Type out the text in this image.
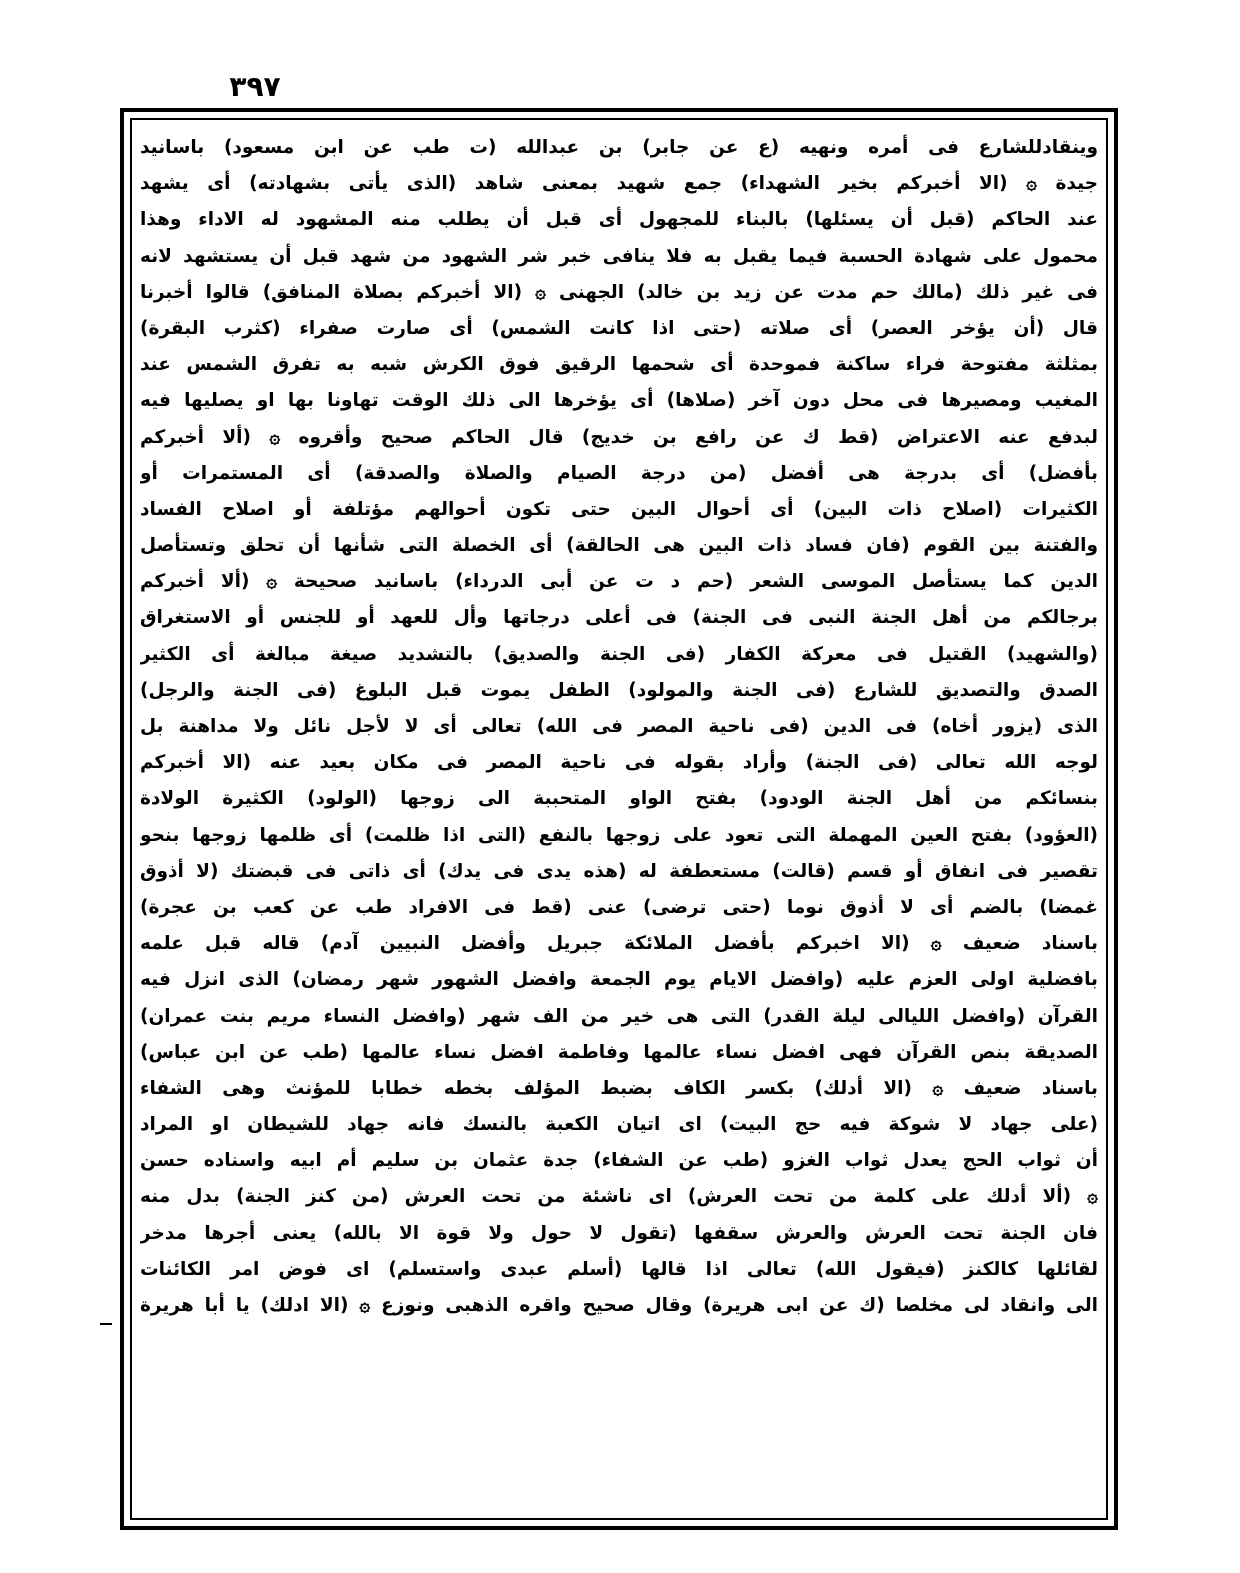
٣٩٧
وينقادللشارع فى أمره ونهيه (ع عن جابر) بن عبدالله (ت طب عن ابن مسعود) باسانيد
جيدة ۞ (الا أخبركم بخير الشهداء) جمع شهيد بمعنى شاهد (الذى يأتى بشهادته) أى يشهد
عند الحاكم (قبل أن يسئلها) بالبناء للمجهول أى قبل أن يطلب منه المشهود له الاداء وهذا
محمول على شهادة الحسبة فيما يقبل به فلا ينافى خبر شر الشهود من شهد قبل أن يستشهد لانه
فى غير ذلك (مالك حم مدت عن زيد بن خالد) الجهنى ۞ (الا أخبركم بصلاة المنافق) قالوا أخبرنا
قال (أن يؤخر العصر) أى صلاته (حتى اذا كانت الشمس) أى صارت صفراء (كثرب البقرة)
بمثلثة مفتوحة فراء ساكنة فموحدة أى شحمها الرقيق فوق الكرش شبه به تفرق الشمس عند
المغيب ومصيرها فى محل دون آخر (صلاها) أى يؤخرها الى ذلك الوقت تهاونا بها او يصليها فيه
لبدفع عنه الاعتراض (قط ك عن رافع بن خديج) قال الحاكم صحيح وأقروه ۞ (ألا أخبركم
بأفضل) أى بدرجة هى أفضل (من درجة الصيام والصلاة والصدقة) أى المستمرات أو
الكثيرات (اصلاح ذات البين) أى أحوال البين حتى تكون أحوالهم مؤتلفة أو اصلاح الفساد
والفتنة بين القوم (فان فساد ذات البين هى الحالقة) أى الخصلة التى شأنها أن تحلق وتستأصل
الدين كما يستأصل الموسى الشعر (حم د ت عن أبى الدرداء) باسانيد صحيحة ۞ (ألا أخبركم
برجالكم من أهل الجنة النبى فى الجنة) فى أعلى درجاتها وأل للعهد أو للجنس أو الاستغراق
(والشهيد) القتيل فى معركة الكفار (فى الجنة والصديق) بالتشديد صيغة مبالغة أى الكثير
الصدق والتصديق للشارع (فى الجنة والمولود) الطفل يموت قبل البلوغ (فى الجنة والرجل)
الذى (يزور أخاه) فى الدين (فى ناحية المصر فى الله) تعالى أى لا لأجل نائل ولا مداهنة بل
لوجه الله تعالى (فى الجنة) وأراد بقوله فى ناحية المصر فى مكان بعيد عنه (الا أخبركم
بنسائكم من أهل الجنة الودود) بفتح الواو المتحببة الى زوجها (الولود) الكثيرة الولادة
(العؤود) بفتح العين المهملة التى تعود على زوجها بالنفع (التى اذا ظلمت) أى ظلمها زوجها بنحو
تقصير فى انفاق أو قسم (قالت) مستعطفة له (هذه يدى فى يدك) أى ذاتى فى قبضتك (لا أذوق
غمضا) بالضم أى لا أذوق نوما (حتى ترضى) عنى (قط فى الافراد طب عن كعب بن عجرة)
باسناد ضعيف ۞ (الا اخبركم بأفضل الملائكة جبريل وأفضل النبيين آدم) قاله قبل علمه
بافضلية اولى العزم عليه (وافضل الايام يوم الجمعة وافضل الشهور شهر رمضان) الذى انزل فيه
القرآن (وافضل الليالى ليلة القدر) التى هى خير من الف شهر (وافضل النساء مريم بنت عمران)
الصديقة بنص القرآن فهى افضل نساء عالمها وفاطمة افضل نساء عالمها (طب عن ابن عباس)
باسناد ضعيف ۞ (الا أدلك) بكسر الكاف بضبط المؤلف بخطه خطابا للمؤنث وهى الشفاء
(على جهاد لا شوكة فيه حج البيت) اى اتيان الكعبة بالنسك فانه جهاد للشيطان او المراد
أن ثواب الحج يعدل ثواب الغزو (طب عن الشفاء) جدة عثمان بن سليم أم ابيه واسناده حسن
۞ (ألا أدلك على كلمة من تحت العرش) اى ناشئة من تحت العرش (من كنز الجنة) بدل منه
فان الجنة تحت العرش والعرش سقفها (تقول لا حول ولا قوة الا بالله) يعنى أجرها مدخر
لقائلها كالكنز (فيقول الله) تعالى اذا قالها (أسلم عبدى واستسلم) اى فوض امر الكائنات
الى وانقاد لى مخلصا (ك عن ابى هريرة) وقال صحيح واقره الذهبى ونوزع ۞ (الا ادلك) يا أبا هريرة
